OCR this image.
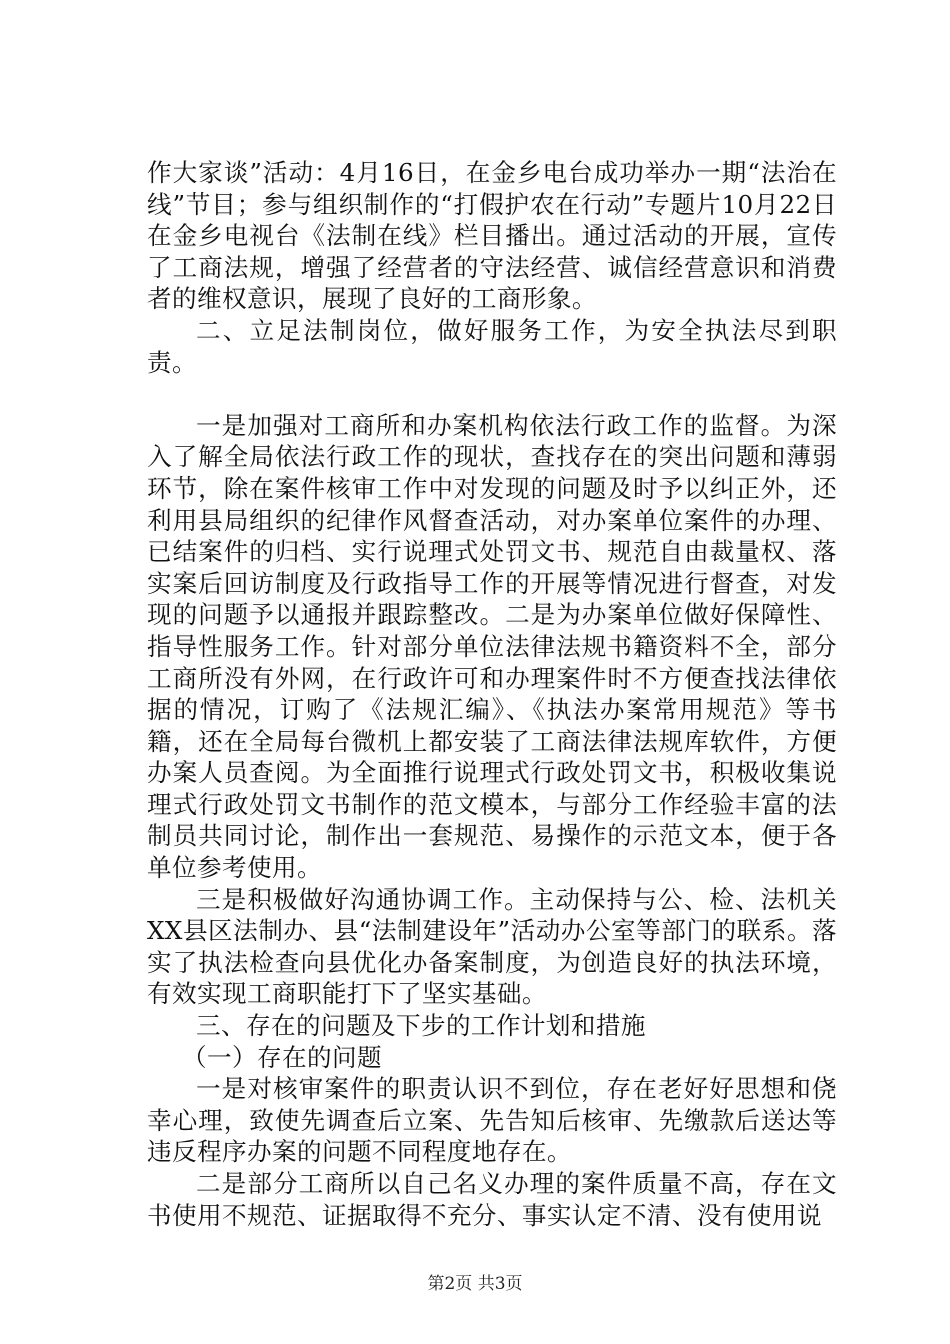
作大家谈”活动：4月16日，在金乡电台成功举办一期“法治在线”节目；参与组织制作的“打假护农在行动”专题片10月22日在金乡电视台《法制在线》栏目播出。通过活动的开展，宣传了工商法规，增强了经营者的守法经营、诚信经营意识和消费者的维权意识，展现了良好的工商形象。

二、立足法制岗位，做好服务工作，为安全执法尽到职责。

一是加强对工商所和办案机构依法行政工作的监督。为深入了解全局依法行政工作的现状，查找存在的突出问题和薄弱环节，除在案件核审工作中对发现的问题及时予以纠正外，还利用县局组织的纪律作风督查活动，对办案单位案件的办理、已结案件的归档、实行说理式处罚文书、规范自由裁量权、落实案后回访制度及行政指导工作的开展等情况进行督查，对发现的问题予以通报并跟踪整改。二是为办案单位做好保障性、指导性服务工作。针对部分单位法律法规书籍资料不全，部分工商所没有外网，在行政许可和办理案件时不方便查找法律依据的情况，订购了《法规汇编》、《执法办案常用规范》等书籍，还在全局每台微机上都安装了工商法律法规库软件，方便办案人员查阅。为全面推行说理式行政处罚文书，积极收集说理式行政处罚文书制作的范文模本，与部分工作经验丰富的法制员共同讨论，制作出一套规范、易操作的示范文本，便于各单位参考使用。

三是积极做好沟通协调工作。主动保持与公、检、法机关XX县区法制办、县“法制建设年”活动办公室等部门的联系。落实了执法检查向县优化办备案制度，为创造良好的执法环境，有效实现工商职能打下了坚实基础。

三、存在的问题及下步的工作计划和措施

（一）存在的问题

一是对核审案件的职责认识不到位，存在老好好思想和侥幸心理，致使先调查后立案、先告知后核审、先缴款后送达等违反程序办案的问题不同程度地存在。

二是部分工商所以自己名义办理的案件质量不高，存在文书使用不规范、证据取得不充分、事实认定不清、没有使用说

第2页 共3页
